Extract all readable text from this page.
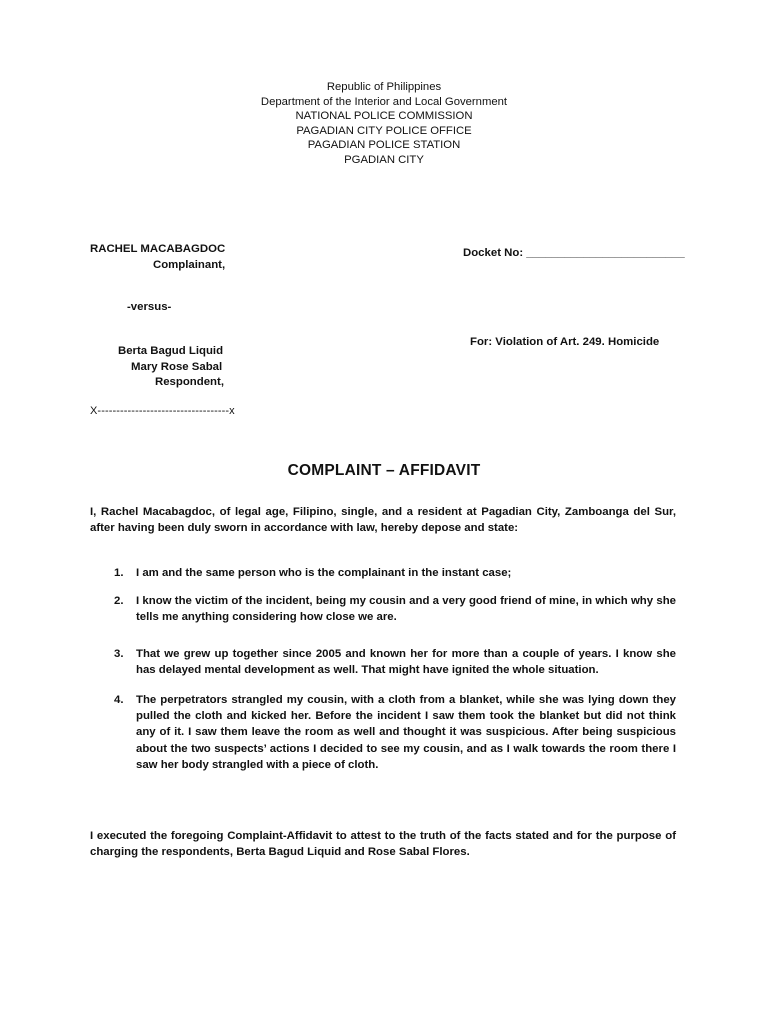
Republic of Philippines
Department of the Interior and Local Government
NATIONAL POLICE COMMISSION
PAGADIAN CITY POLICE OFFICE
PAGADIAN POLICE STATION
PGADIAN CITY
RACHEL MACABAGDOC
Complainant,
Docket No: _________________________
-versus-
For: Violation of Art. 249. Homicide
Berta Bagud Liquid
Mary Rose Sabal
Respondent,
X-----------------------------------x
COMPLAINT – AFFIDAVIT
I, Rachel Macabagdoc, of legal age, Filipino, single, and a resident at Pagadian City, Zamboanga del Sur, after having been duly sworn in accordance with law, hereby depose and state:
1.	I am and the same person who is the complainant in the instant case;
2.	I know the victim of the incident, being my cousin and a very good friend of mine, in which why she tells me anything considering how close we are.
3.	That we grew up together since 2005 and known her for more than a couple of years. I know she has delayed mental development as well. That might have ignited the whole situation.
4.	The perpetrators strangled my cousin, with a cloth from a blanket, while she was lying down they pulled the cloth and kicked her. Before the incident I saw them took the blanket but did not think any of it. I saw them leave the room as well and thought it was suspicious. After being suspicious about the two suspects’ actions I decided to see my cousin, and as I walk towards the room there I saw her body strangled with a piece of cloth.
I executed the foregoing Complaint-Affidavit to attest to the truth of the facts stated and for the purpose of charging the respondents, Berta Bagud Liquid and Rose Sabal Flores.
